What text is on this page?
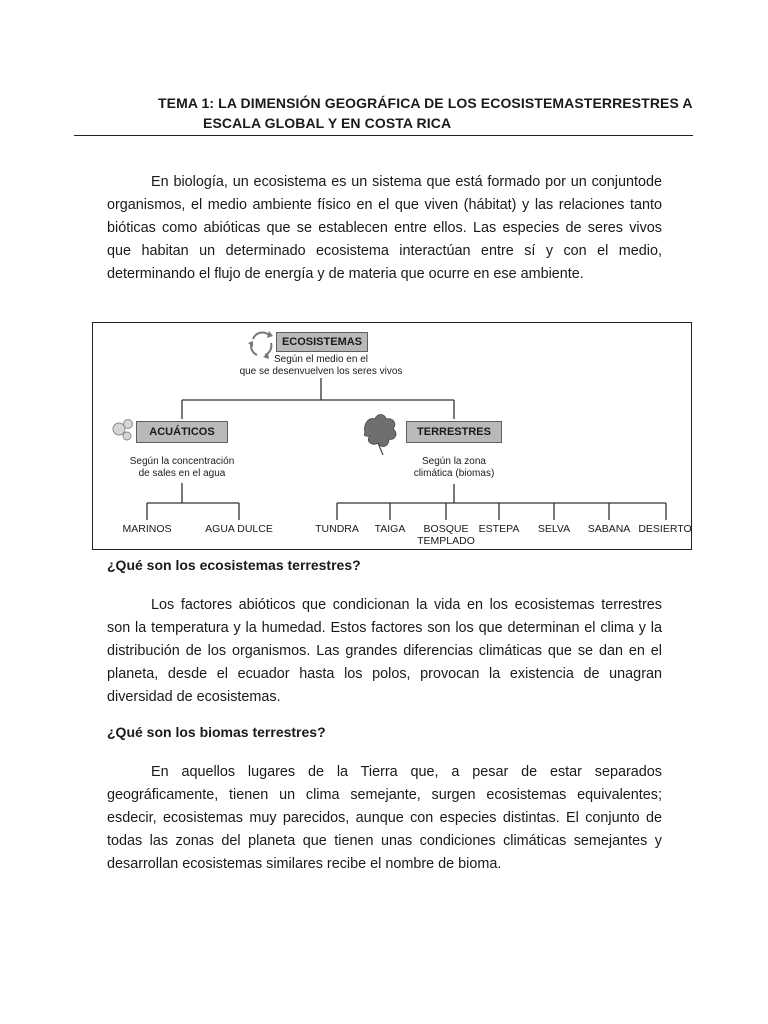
TEMA 1: LA DIMENSIÓN GEOGRÁFICA DE LOS ECOSISTEMASTERRESTRES A
ESCALA GLOBAL Y EN COSTA RICA
En biología, un ecosistema es un sistema que está formado por un conjuntode organismos, el medio ambiente físico en el que viven (hábitat) y las relaciones tanto bióticas como abióticas que se establecen entre ellos. Las especies de seres vivos que habitan un determinado ecosistema interactúan entre sí y con el medio, determinando el flujo de energía y de materia que ocurre en ese ambiente.
ECOSISTEMAS
Según el medio en el
que se desenvuelven los seres vivos
ACUÁTICOS
Según la concentración
de sales en el agua
TERRESTRES
Según la zona
climática (biomas)
MARINOS	AGUA DULCE	TUNDRA	TAIGA	BOSQUE
TEMPLADO
ESTEPA	SELVA	SABANA DESIERTO
¿Qué son los ecosistemas terrestres?
Los factores abióticos que condicionan la vida en los ecosistemas terrestres son la temperatura y la humedad. Estos factores son los que determinan el clima y la distribución de los organismos. Las grandes diferencias climáticas que se dan en el planeta, desde el ecuador hasta los polos, provocan la existencia de unagran diversidad de ecosistemas.
¿Qué son los biomas terrestres?
En aquellos lugares de la Tierra que, a pesar de estar separados geográficamente, tienen un clima semejante, surgen ecosistemas equivalentes; esdecir, ecosistemas muy parecidos, aunque con especies distintas. El conjunto de todas las zonas del planeta que tienen unas condiciones climáticas semejantes y desarrollan ecosistemas similares recibe el nombre de bioma.
